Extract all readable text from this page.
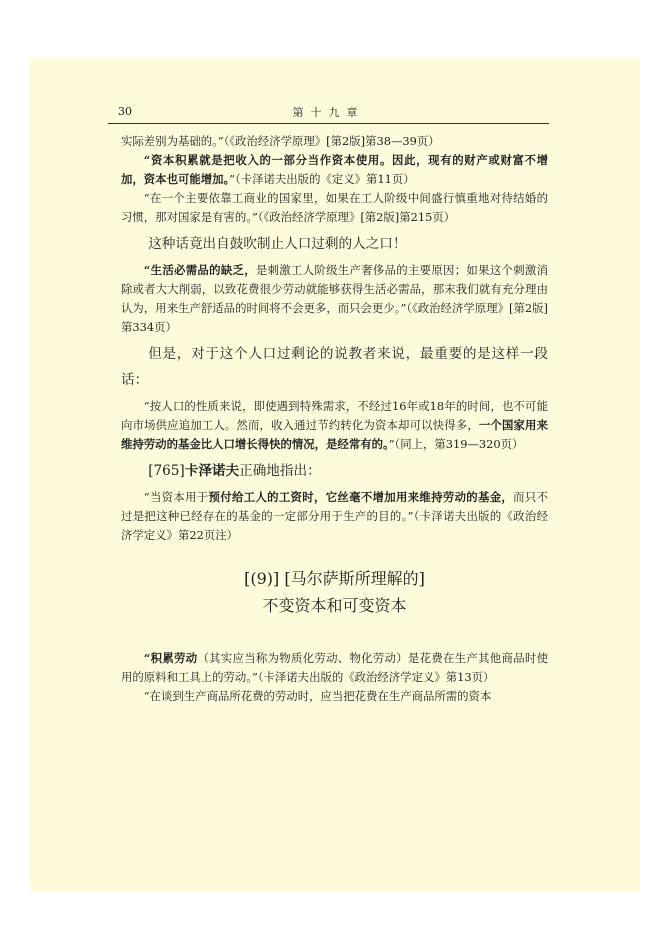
30	第十九章

实际差别为基础的。”（《政治经济学原理》[第2版]第38—39页）

“资本积累就是把收入的一部分当作资本使用。因此，现有的财产或财富不增加，资本也可能增加。”（卡泽诺夫出版的《定义》第11页）

“在一个主要依靠工商业的国家里，如果在工人阶级中间盛行慎重地对待结婚的习惯，那对国家是有害的。”（《政治经济学原理》[第2版]第215页）

这种话竟出自鼓吹制止人口过剩的人之口！

“生活必需品的缺乏，是刺激工人阶级生产奢侈品的主要原因；如果这个刺激消除或者大大削弱，以致花费很少劳动就能够获得生活必需品，那末我们就有充分理由认为，用来生产舒适品的时间将不会更多，而只会更少。”（《政治经济学原理》[第2版]第334页）

但是，对于这个人口过剩论的说教者来说，最重要的是这样一段话：

“按人口的性质来说，即使遇到特殊需求，不经过16年或18年的时间，也不可能向市场供应追加工人。然而，收入通过节约转化为资本却可以快得多，一个国家用来维持劳动的基金比人口增长得快的情况，是经常有的。”（同上，第319—320页）

[765]卡泽诺夫正确地指出：

“当资本用于预付给工人的工资时，它丝毫不增加用来维持劳动的基金，而只不过是把这种已经存在的基金的一定部分用于生产的目的。”（卡泽诺夫出版的《政治经济学定义》第22页注）

[(9)] [马尔萨斯所理解的]

不变资本和可变资本

“积累劳动（其实应当称为物质化劳动、物化劳动）是花费在生产其他商品时使用的原料和工具上的劳动。”（卡泽诺夫出版的《政治经济学定义》第13页）

“在谈到生产商品所花费的劳动时，应当把花费在生产商品所需的资本
